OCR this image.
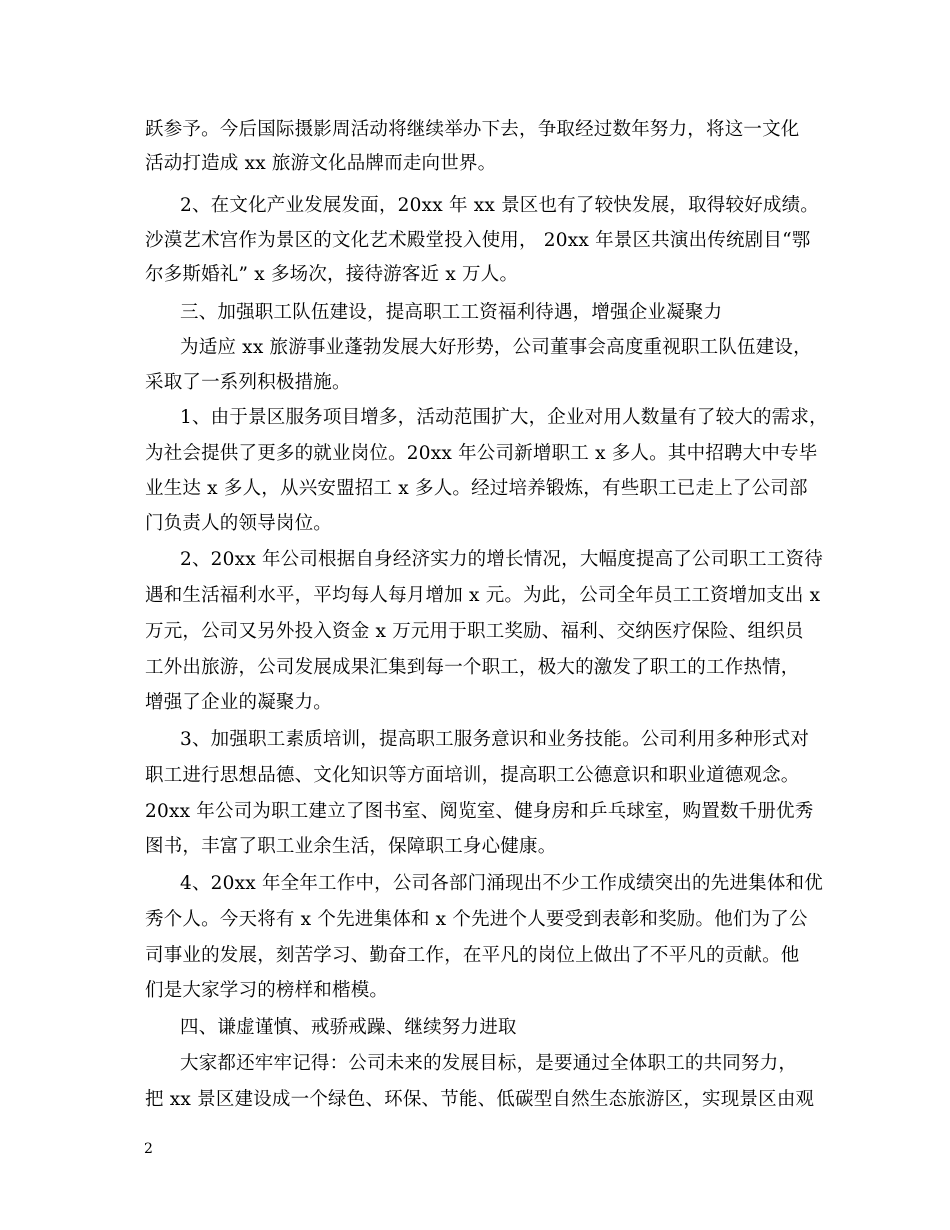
跃参予。今后国际摄影周活动将继续举办下去，争取经过数年努力，将这一文化
活动打造成 xx 旅游文化品牌而走向世界。
2、在文化产业发展发面，20xx 年 xx 景区也有了较快发展，取得较好成绩。
沙漠艺术宫作为景区的文化艺术殿堂投入使用， 20xx 年景区共演出传统剧目“鄂
尔多斯婚礼” x 多场次，接待游客近 x 万人。
三、加强职工队伍建设，提高职工工资福利待遇，增强企业凝聚力
为适应 xx 旅游事业蓬勃发展大好形势，公司董事会高度重视职工队伍建设，
采取了一系列积极措施。
1、由于景区服务项目增多，活动范围扩大，企业对用人数量有了较大的需求，
为社会提供了更多的就业岗位。20xx 年公司新增职工 x 多人。其中招聘大中专毕
业生达 x 多人，从兴安盟招工 x 多人。经过培养锻炼，有些职工已走上了公司部
门负责人的领导岗位。
2、20xx 年公司根据自身经济实力的增长情况，大幅度提高了公司职工工资待
遇和生活福利水平，平均每人每月增加 x 元。为此，公司全年员工工资增加支出 x
万元，公司又另外投入资金 x 万元用于职工奖励、福利、交纳医疗保险、组织员
工外出旅游，公司发展成果汇集到每一个职工，极大的激发了职工的工作热情，
增强了企业的凝聚力。
3、加强职工素质培训，提高职工服务意识和业务技能。公司利用多种形式对
职工进行思想品德、文化知识等方面培训，提高职工公德意识和职业道德观念。
20xx 年公司为职工建立了图书室、阅览室、健身房和乒乓球室，购置数千册优秀
图书，丰富了职工业余生活，保障职工身心健康。
4、20xx 年全年工作中，公司各部门涌现出不少工作成绩突出的先进集体和优
秀个人。今天将有 x 个先进集体和 x 个先进个人要受到表彰和奖励。他们为了公
司事业的发展，刻苦学习、勤奋工作，在平凡的岗位上做出了不平凡的贡献。他
们是大家学习的榜样和楷模。
四、谦虚谨慎、戒骄戒躁、继续努力进取
大家都还牢牢记得：公司未来的发展目标，是要通过全体职工的共同努力，
把 xx 景区建设成一个绿色、环保、节能、低碳型自然生态旅游区，实现景区由观
2
